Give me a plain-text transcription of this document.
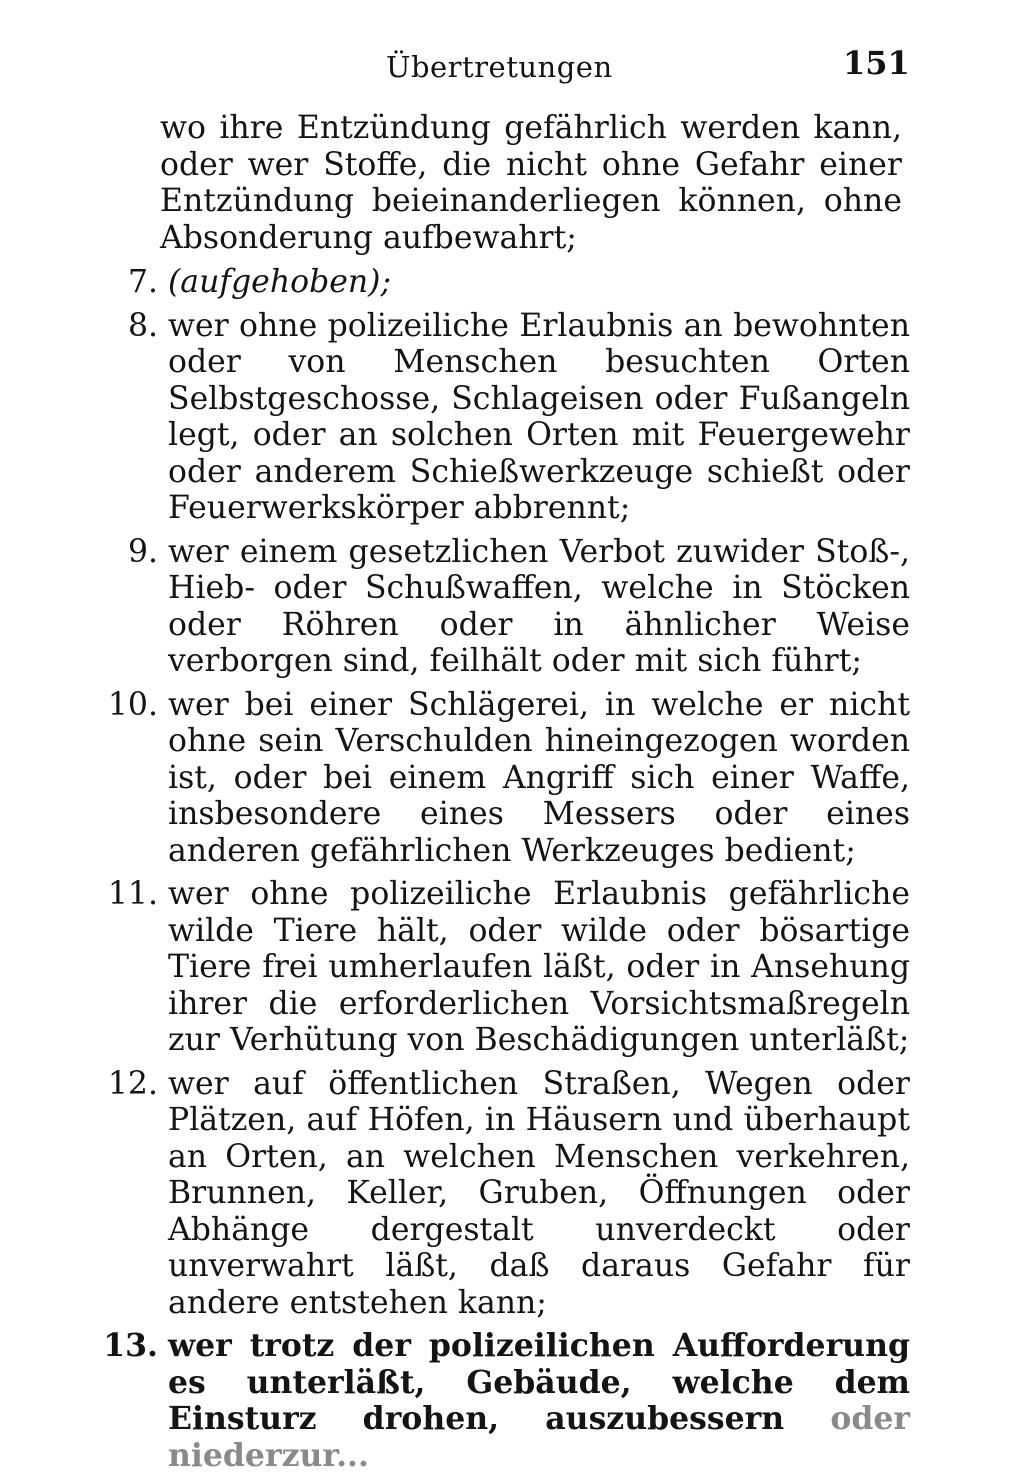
Übertretungen	151
wo ihre Entzündung gefährlich werden kann, oder wer Stoffe, die nicht ohne Gefahr einer Entzündung beieinanderliegen können, ohne Absonderung aufbewahrt;
7. (aufgehoben);
8. wer ohne polizeiliche Erlaubnis an bewohnten oder von Menschen besuchten Orten Selbstgeschosse, Schlageisen oder Fußangeln legt, oder an solchen Orten mit Feuergewehr oder anderem Schießwerkzeuge schießt oder Feuerwerkskörper abbrennt;
9. wer einem gesetzlichen Verbot zuwider Stoß-, Hieb- oder Schußwaffen, welche in Stöcken oder Röhren oder in ähnlicher Weise verborgen sind, feilhält oder mit sich führt;
10. wer bei einer Schlägerei, in welche er nicht ohne sein Verschulden hineingezogen worden ist, oder bei einem Angriff sich einer Waffe, insbesondere eines Messers oder eines anderen gefährlichen Werkzeuges bedient;
11. wer ohne polizeiliche Erlaubnis gefährliche wilde Tiere hält, oder wilde oder bösartige Tiere frei umherlaufen läßt, oder in Ansehung ihrer die erforderlichen Vorsichtsmaßregeln zur Verhütung von Beschädigungen unterläßt;
12. wer auf öffentlichen Straßen, Wegen oder Plätzen, auf Höfen, in Häusern und überhaupt an Orten, an welchen Menschen verkehren, Brunnen, Keller, Gruben, Öffnungen oder Abhänge dergestalt unverdeckt oder unverwahrt läßt, daß daraus Gefahr für andere entstehen kann;
13. wer trotz der polizeilichen Aufforderung es unterläßt, Gebäude, welche dem Einsturz drohen, auszubessern oder niederzur...
